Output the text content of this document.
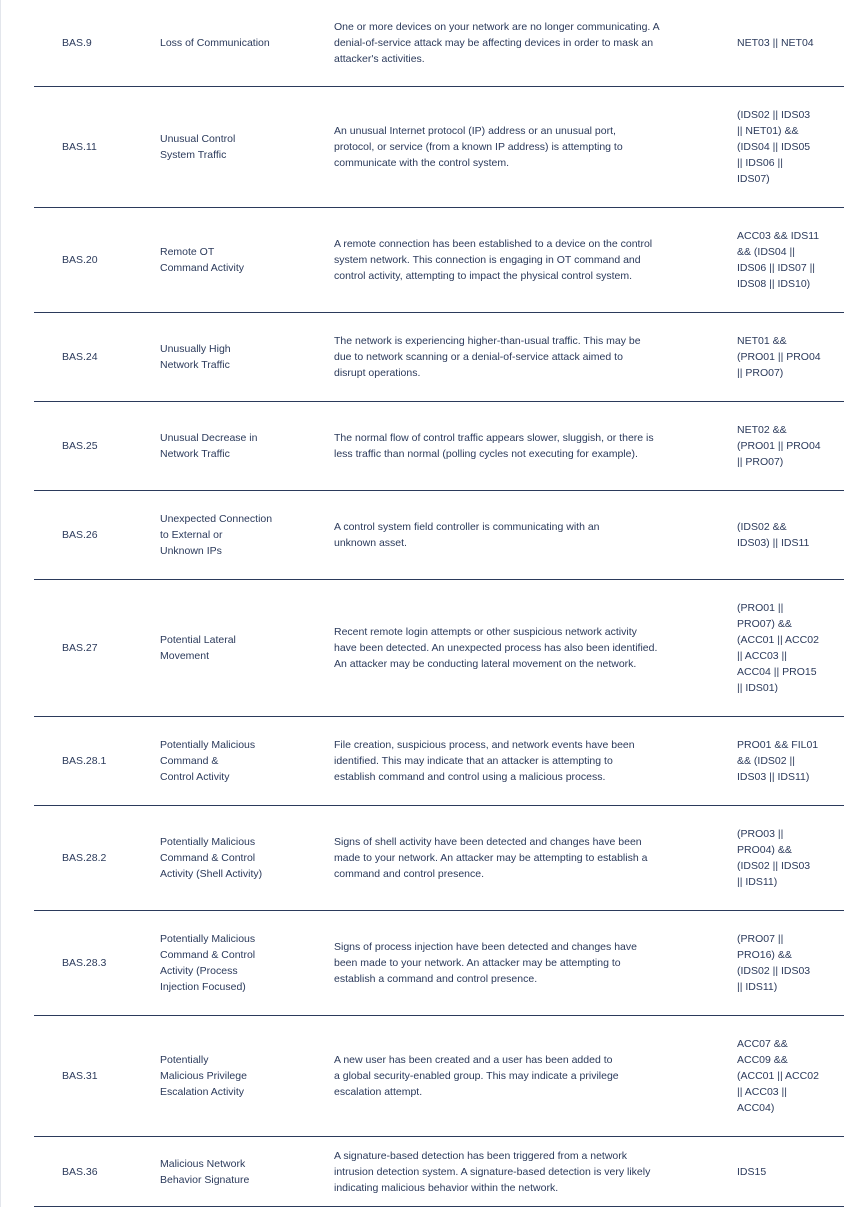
BAS.9	Loss of Communication
One or more devices on your network are no longer communicating. A
denial-of-service attack may be affecting devices in order to mask an
attacker's activities.
NET03 || NET04
BAS.11
Unusual Control
System Traffic
An unusual Internet protocol (IP) address or an unusual port,
protocol, or service (from a known IP address) is attempting to
communicate with the control system.
(IDS02 || IDS03
|| NET01) &&
(IDS04 || IDS05
|| IDS06 ||
IDS07)
BAS.20
Remote OT
Command Activity
A remote connection has been established to a device on the control
system network. This connection is engaging in OT command and
control activity, attempting to impact the physical control system.
ACC03 && IDS11
&& (IDS04 ||
IDS06 || IDS07 ||
IDS08 || IDS10)
BAS.24
Unusually High
Network Traffic
The network is experiencing higher-than-usual traffic. This may be
due to network scanning or a denial-of-service attack aimed to
disrupt operations.
NET01 &&
(PRO01 || PRO04
|| PRO07)
BAS.25
Unusual Decrease in
Network Traffic
The normal flow of control traffic appears slower, sluggish, or there is
less traffic than normal (polling cycles not executing for example).
NET02 &&
(PRO01 || PRO04
|| PRO07)
BAS.26
Unexpected Connection
to External or
Unknown IPs
A control system field controller is communicating with an
unknown asset.
(IDS02 &&
IDS03) || IDS11
BAS.27
Potential Lateral
Movement
Recent remote login attempts or other suspicious network activity
have been detected. An unexpected process has also been identified.
An attacker may be conducting lateral movement on the network.
(PRO01 ||
PRO07) &&
(ACC01 || ACC02
|| ACC03 ||
ACC04 || PRO15
|| IDS01)
BAS.28.1
Potentially Malicious
Command &
Control Activity
File creation, suspicious process, and network events have been
identified. This may indicate that an attacker is attempting to
establish command and control using a malicious process.
PRO01 && FIL01
&& (IDS02 ||
IDS03 || IDS11)
BAS.28.2
Potentially Malicious
Command & Control
Activity (Shell Activity)
Signs of shell activity have been detected and changes have been
made to your network. An attacker may be attempting to establish a
command and control presence.
(PRO03 ||
PRO04) &&
(IDS02 || IDS03
|| IDS11)
BAS.28.3
Potentially Malicious
Command & Control
Activity (Process
Injection Focused)
Signs of process injection have been detected and changes have
been made to your network. An attacker may be attempting to
establish a command and control presence.
(PRO07 ||
PRO16) &&
(IDS02 || IDS03
|| IDS11)
BAS.31
Potentially
Malicious Privilege
Escalation Activity
A new user has been created and a user has been added to
a global security-enabled group. This may indicate a privilege
escalation attempt.
ACC07 &&
ACC09 &&
(ACC01 || ACC02
|| ACC03 ||
ACC04)
BAS.36
Malicious Network
Behavior Signature
A signature-based detection has been triggered from a network
intrusion detection system. A signature-based detection is very likely
indicating malicious behavior within the network.
IDS15
